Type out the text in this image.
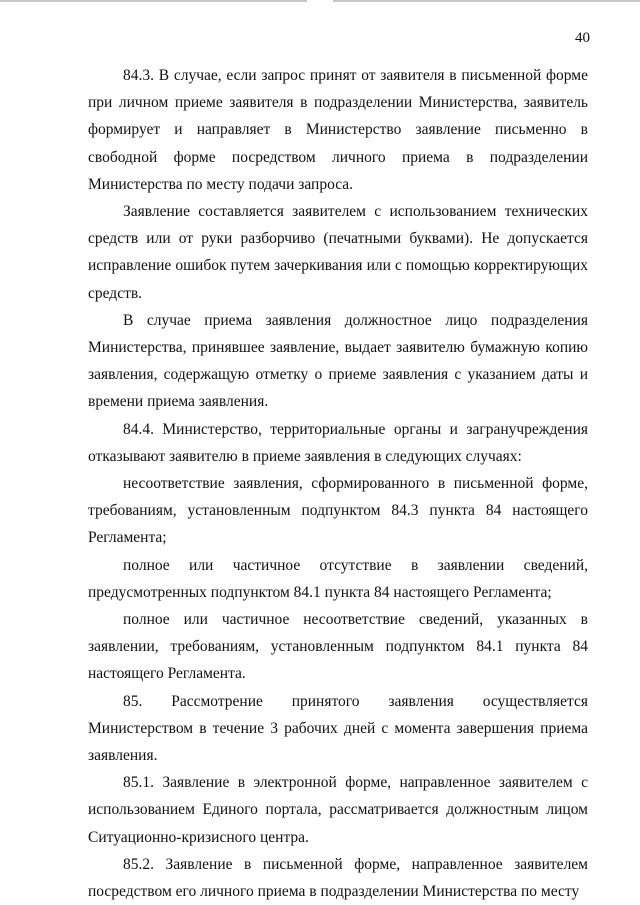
40

84.3. В случае, если запрос принят от заявителя в письменной форме при личном приеме заявителя в подразделении Министерства, заявитель формирует и направляет в Министерство заявление письменно в свободной форме посредством личного приема в подразделении Министерства по месту подачи запроса.

Заявление составляется заявителем с использованием технических средств или от руки разборчиво (печатными буквами). Не допускается исправление ошибок путем зачеркивания или с помощью корректирующих средств.

В случае приема заявления должностное лицо подразделения Министерства, принявшее заявление, выдает заявителю бумажную копию заявления, содержащую отметку о приеме заявления с указанием даты и времени приема заявления.

84.4. Министерство, территориальные органы и загранучреждения отказывают заявителю в приеме заявления в следующих случаях:

несоответствие заявления, сформированного в письменной форме, требованиям, установленным подпунктом 84.3 пункта 84 настоящего Регламента;

полное или частичное отсутствие в заявлении сведений, предусмотренных подпунктом 84.1 пункта 84 настоящего Регламента;

полное или частичное несоответствие сведений, указанных в заявлении, требованиям, установленным подпунктом 84.1 пункта 84 настоящего Регламента.

85. Рассмотрение принятого заявления осуществляется Министерством в течение 3 рабочих дней с момента завершения приема заявления.

85.1. Заявление в электронной форме, направленное заявителем с использованием Единого портала, рассматривается должностным лицом Ситуационно-кризисного центра.

85.2. Заявление в письменной форме, направленное заявителем посредством его личного приема в подразделении Министерства по месту
